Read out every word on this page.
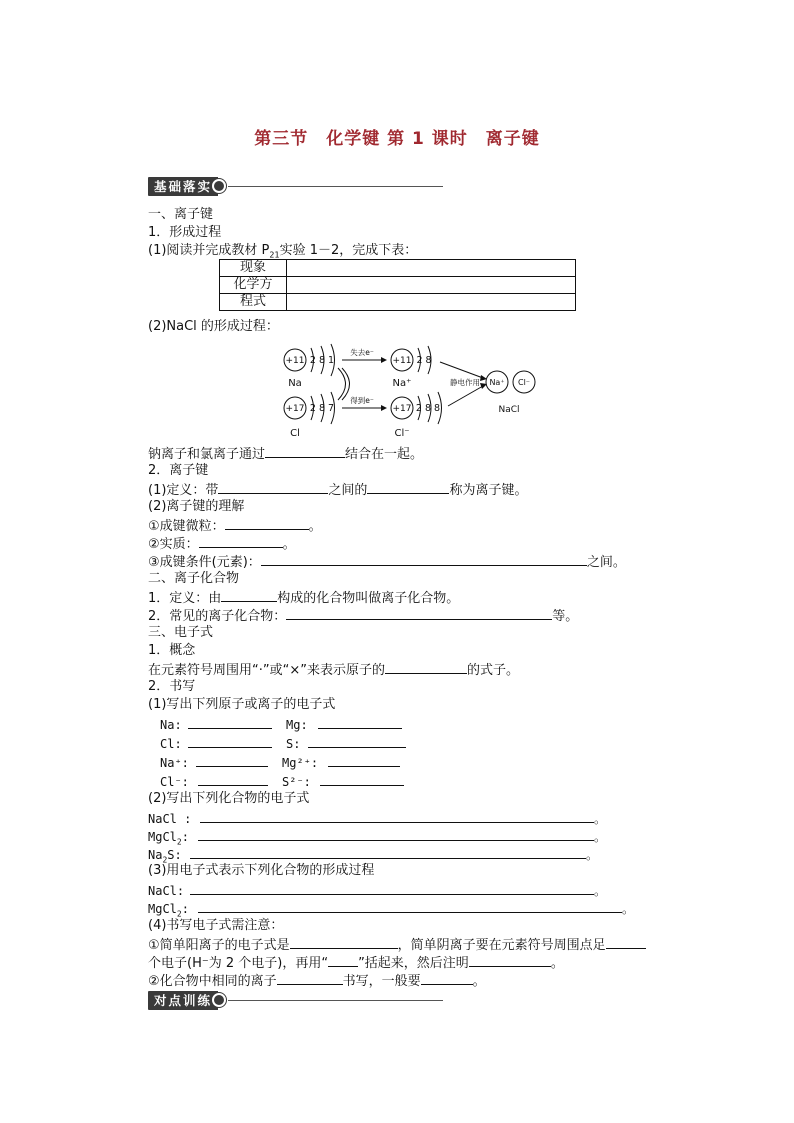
第三节　化学键 第 1 课时　离子键
基础落实
一、离子键
1．形成过程
(1)阅读并完成教材 $P_{21}$实验 1－2，完成下表：
现象	
化学方	
程式	
(2)NaCl 的形成过程：
+11 2 8 1
Na
失去e⁻
+11 2 8
Na⁺
+17 2 8 7
Cl
得到e⁻
+17 2 8 8
Cl⁻
静电作用 Na⁺ Cl⁻
NaCl
钠离子和氯离子通过	结合在一起。
2．离子键
(1)定义：带	之间的	称为离子键。
(2)离子键的理解
①成键微粒：	。
②实质：	。
③成键条件(元素)：	之间。
二、离子化合物
1．定义：由	构成的化合物叫做离子化合物。
2．常见的离子化合物：	等。
三、电子式
1．概念
在元素符号周围用“·”或“×”来表示原子的	的式子。
2．书写
(1)写出下列原子或离子的电子式
Na:	Mg:
Cl:	S:
Na⁺:	Mg²⁺:
Cl⁻:	S²⁻:
(2)写出下列化合物的电子式
NaCl :	。
MgCl$_2$:	。
$Na_2S$:	。
(3)用电子式表示下列化合物的形成过程
NaCl:	。
MgCl$_2$:	。
(4)书写电子式需注意：
①简单阳离子的电子式是	，简单阴离子要在元素符号周围点足
个电子(H⁻为 2 个电子)，再用“ ”括起来，然后注明	。
②化合物中相同的离子	书写，一般要	。
对点训练
